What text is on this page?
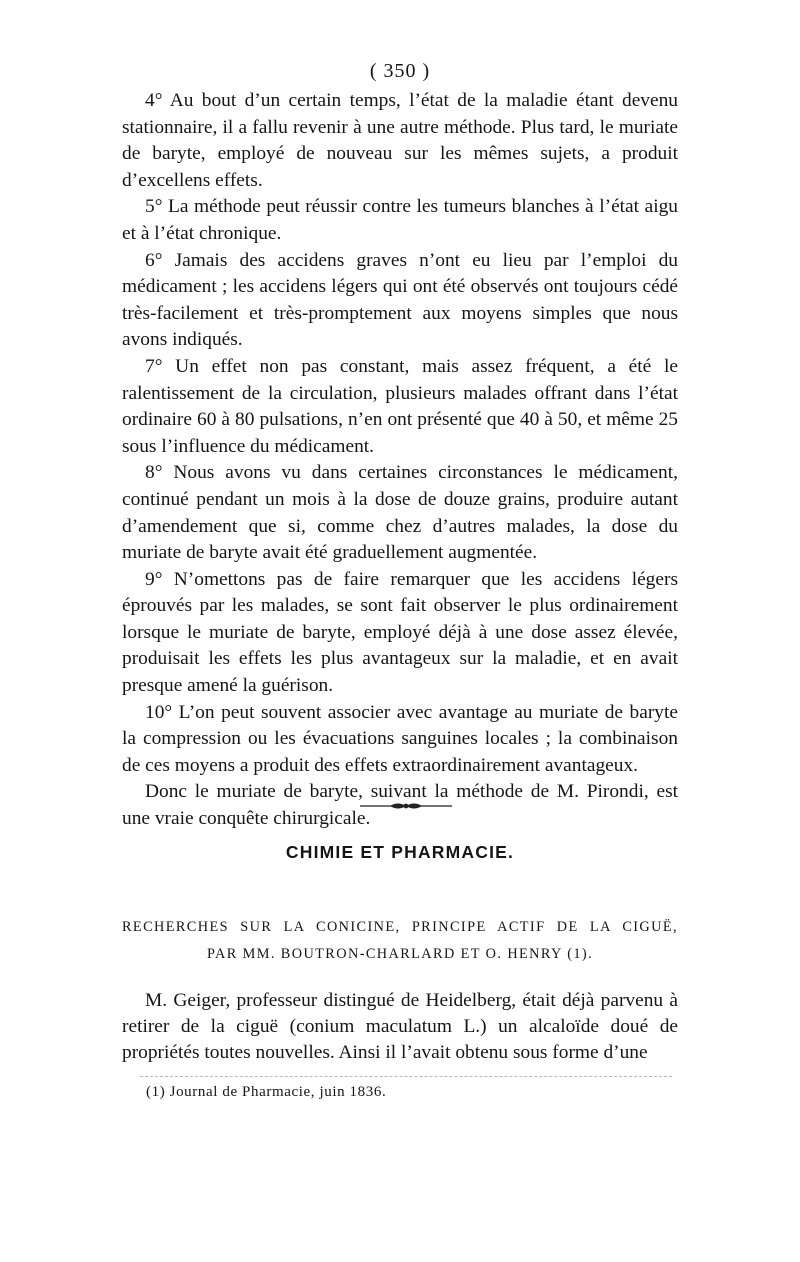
( 350 )

4° Au bout d’un certain temps, l’état de la maladie étant devenu stationnaire, il a fallu revenir à une autre méthode. Plus tard, le muriate de baryte, employé de nouveau sur les mêmes sujets, a produit d’excellens effets.

5° La méthode peut réussir contre les tumeurs blanches à l’état aigu et à l’état chronique.

6° Jamais des accidens graves n’ont eu lieu par l’emploi du médicament ; les accidens légers qui ont été observés ont toujours cédé très-facilement et très-promptement aux moyens simples que nous avons indiqués.

7° Un effet non pas constant, mais assez fréquent, a été le ralentissement de la circulation, plusieurs malades offrant dans l’état ordinaire 60 à 80 pulsations, n’en ont présenté que 40 à 50, et même 25 sous l’influence du médicament.

8° Nous avons vu dans certaines circonstances le médicament, continué pendant un mois à la dose de douze grains, produire autant d’amendement que si, comme chez d’autres malades, la dose du muriate de baryte avait été graduellement augmentée.

9° N’omettons pas de faire remarquer que les accidens légers éprouvés par les malades, se sont fait observer le plus ordinairement lorsque le muriate de baryte, employé déjà à une dose assez élevée, produisait les effets les plus avantageux sur la maladie, et en avait presque amené la guérison.

10° L’on peut souvent associer avec avantage au muriate de baryte la compression ou les évacuations sanguines locales ; la combinaison de ces moyens a produit des effets extraordinairement avantageux.

Donc le muriate de baryte, suivant la méthode de M. Pirondi, est une vraie conquête chirurgicale.

CHIMIE ET PHARMACIE.
RECHERCHES SUR LA CONICINE, PRINCIPE ACTIF DE LA CIGUË,
PAR MM. BOUTRON-CHARLARD ET O. HENRY (1).

M. Geiger, professeur distingué de Heidelberg, était déjà parvenu à retirer de la ciguë (conium maculatum L.) un alcaloïde doué de propriétés toutes nouvelles. Ainsi il l’avait obtenu sous forme d’une

(1) Journal de Pharmacie, juin 1836.
